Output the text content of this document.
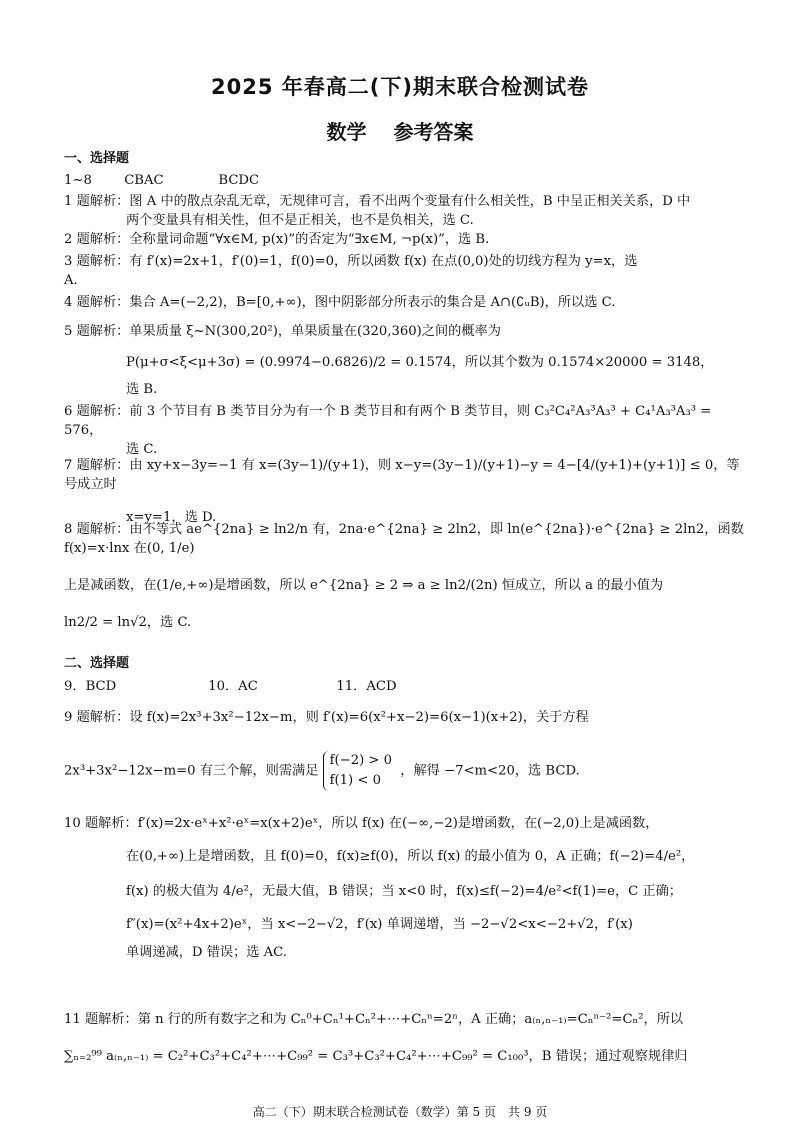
2025 年春高二(下)期末联合检测试卷
数学 参考答案
一、选择题
1~8 CBAC	BCDC
1 题解析：图 A 中的散点杂乱无章，无规律可言，看不出两个变量有什么相关性，B 中呈正相关关系，D 中
两个变量具有相关性，但不是正相关，也不是负相关，选 C.
2 题解析：全称量词命题“∀x∈M, p(x)”的否定为“∃x∈M, ¬p(x)”，选 B.
3 题解析：有 f′(x)=2x+1，f′(0)=1，f(0)=0，所以函数 f(x) 在点(0,0)处的切线方程为 y=x，选
A.
4 题解析：集合 A=(−2,2)，B=[0,+∞)，图中阴影部分所表示的集合是 A∩(∁ᵤB)，所以选 C.
5 题解析：单果质量 ξ~N(300,20²)，单果质量在(320,360)之间的概率为
P(μ+σ<ξ<μ+3σ) = (0.9974−0.6826)/2 = 0.1574，所以其个数为 0.1574×20000 = 3148，
选 B.
6 题解析：前 3 个节目有 B 类节目分为有一个 B 类节目和有两个 B 类节目，则 C₃²C₄²A₃³A₃³ + C₄¹A₃³A₃³ = 576，
选 C.
7 题解析：由 xy+x−3y=−1 有 x=(3y−1)/(y+1)，则 x−y=(3y−1)/(y+1)−y = 4−[4/(y+1)+(y+1)] ≤ 0，等号成立时
x=y=1，选 D.
8 题解析：由不等式 ae^{2na} ≥ ln2/n 有，2na·e^{2na} ≥ 2ln2，即 ln(e^{2na})·e^{2na} ≥ 2ln2，函数 f(x)=x·lnx 在(0, 1/e)
上是减函数，在(1/e,+∞)是增函数，所以 e^{2na} ≥ 2 ⇒ a ≥ ln2/(2n) 恒成立，所以 a 的最小值为
ln2/2 = ln√2，选 C.
二、选择题
9．BCD	10．AC	11．ACD
9 题解析：设 f(x)=2x³+3x²−12x−m，则 f′(x)=6(x²+x−2)=6(x−1)(x+2)，关于方程
2x³+3x²−12x−m=0 有三个解，则需满足
f(−2) > 0
f(1) < 0
，解得 −7<m<20，选 BCD.
10 题解析：f′(x)=2x·eˣ+x²·eˣ=x(x+2)eˣ，所以 f(x) 在(−∞,−2)是增函数，在(−2,0)上是减函数，
在(0,+∞)上是增函数，且 f(0)=0，f(x)≥f(0)，所以 f(x) 的最小值为 0，A 正确；f(−2)=4/e²，
f(x) 的极大值为 4/e²，无最大值，B 错误；当 x<0 时，f(x)≤f(−2)=4/e²<f(1)=e，C 正确；
f″(x)=(x²+4x+2)eˣ，当 x<−2−√2，f′(x) 单调递增，当 −2−√2<x<−2+√2，f′(x)
单调递减，D 错误；选 AC.
11 题解析：第 n 行的所有数字之和为 Cₙ⁰+Cₙ¹+Cₙ²+⋯+Cₙⁿ=2ⁿ，A 正确；a₍ₙ,ₙ₋₁₎=Cₙⁿ⁻²=Cₙ²，所以
∑ₙ₌₂⁹⁹ a₍ₙ,ₙ₋₁₎ = C₂²+C₃²+C₄²+⋯+C₉₉² = C₃³+C₃²+C₄²+⋯+C₉₉² = C₁₀₀³，B 错误；通过观察规律归
高二（下）期末联合检测试卷（数学）第 5 页　共 9 页
